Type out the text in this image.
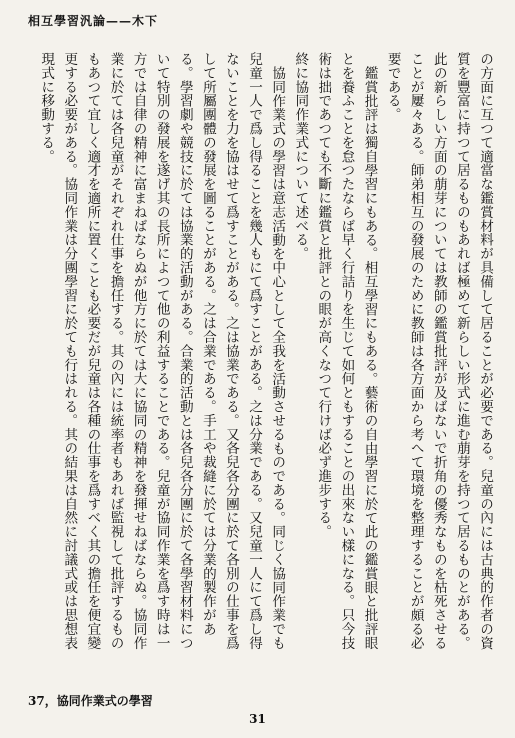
相互學習汎論——木下

の方面に互つて適當な鑑賞材料が具備して居ることが必要である。兒童の內には古典的作者の資質を豐富に持つて居るものもあれば極めて新らしい形式に進む萠芽を持つて居るものとがある。此の新らしい方面の萠芽については教師の鑑賞批評が及ばないで折角の優秀なものを枯死させることが屢々ある。師弟相互の發展のために教師は各方面から考へて環境を整理することが頗る必要である。

鑑賞批評は獨自學習にもある。相互學習にもある。藝術の自由學習に於て此の鑑賞眼と批評眼とを養ふことを怠つたならば早く行詰りを生じて如何ともすることの出來ない樣になる。只今技術は拙であつても不斷に鑑賞と批評との眼が高くなつて行けば必ず進步する。

終に協同作業式について述べる。

協同作業式の學習は意志活動を中心として全我を活動させるものである。同じく協同作業でも兒童一人で爲し得ることを幾人もにて爲すことがある。之は分業である。又兒童一人にて爲し得ないことを力を協はせて爲すことがある。之は協業である。又各兒各分團に於て各別の仕事を爲して所屬團體の發展を圖ることがある。之は合業である。手工や裁縫に於ては分業的製作がある。學習劇や競技に於ては協業的活動がある。合業的活動とは各兒各分團に於て各學習材料について特別の發展を遂げ其の長所によつて他の利益することである。兒童が協同作業を爲す時は一方では自律の精神に富まねばならぬが他方に於ては大に協同の精神を發揮せねばならぬ。協同作業に於ては各兒童がそれぞれ仕事を擔任する。其の內には統率者もあれば監視して批評するものもあつて宜しく適才を適所に置くことも必要だが兒童は各種の仕事を爲すべく其の擔任を便宜變更する必要がある。協同作業は分團學習に於ても行はれる。其の結果は自然に討議式或は思想表現式に移動する。

37，協同作業式の學習
31
